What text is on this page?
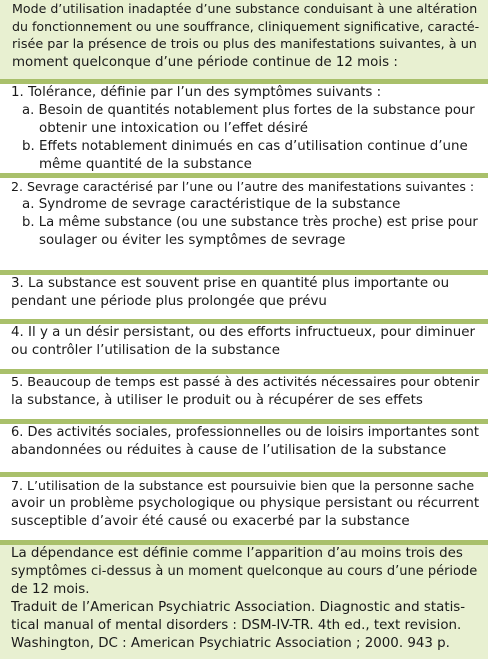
Mode d’utilisation inadaptée d’une substance conduisant à une altération
du fonctionnement ou une souffrance, cliniquement significative, caracté-
risée par la présence de trois ou plus des manifestations suivantes, à un
moment quelconque d’une période continue de 12 mois :
1. Tolérance, définie par l’un des symptômes suivants :
a. Besoin de quantités notablement plus fortes de la substance pour
obtenir une intoxication ou l’effet désiré
b. Effets notablement dinimués en cas d’utilisation continue d’une
même quantité de la substance
2. Sevrage caractérisé par l’une ou l’autre des manifestations suivantes :
a. Syndrome de sevrage caractéristique de la substance
b. La même substance (ou une substance très proche) est prise pour
soulager ou éviter les symptômes de sevrage
3. La substance est souvent prise en quantité plus importante ou
pendant une période plus prolongée que prévu
4. Il y a un désir persistant, ou des efforts infructueux, pour diminuer
ou contrôler l’utilisation de la substance
5. Beaucoup de temps est passé à des activités nécessaires pour obtenir
la substance, à utiliser le produit ou à récupérer de ses effets
6. Des activités sociales, professionnelles ou de loisirs importantes sont
abandonnées ou réduites à cause de l’utilisation de la substance
7. L’utilisation de la substance est poursuivie bien que la personne sache
avoir un problème psychologique ou physique persistant ou récurrent
susceptible d’avoir été causé ou exacerbé par la substance
La dépendance est définie comme l’apparition d’au moins trois des
symptômes ci-dessus à un moment quelconque au cours d’une période
de 12 mois.
Traduit de l’American Psychiatric Association. Diagnostic and statis-
tical manual of mental disorders : DSM-IV-TR. 4th ed., text revision.
Washington, DC : American Psychiatric Association ; 2000. 943 p.
